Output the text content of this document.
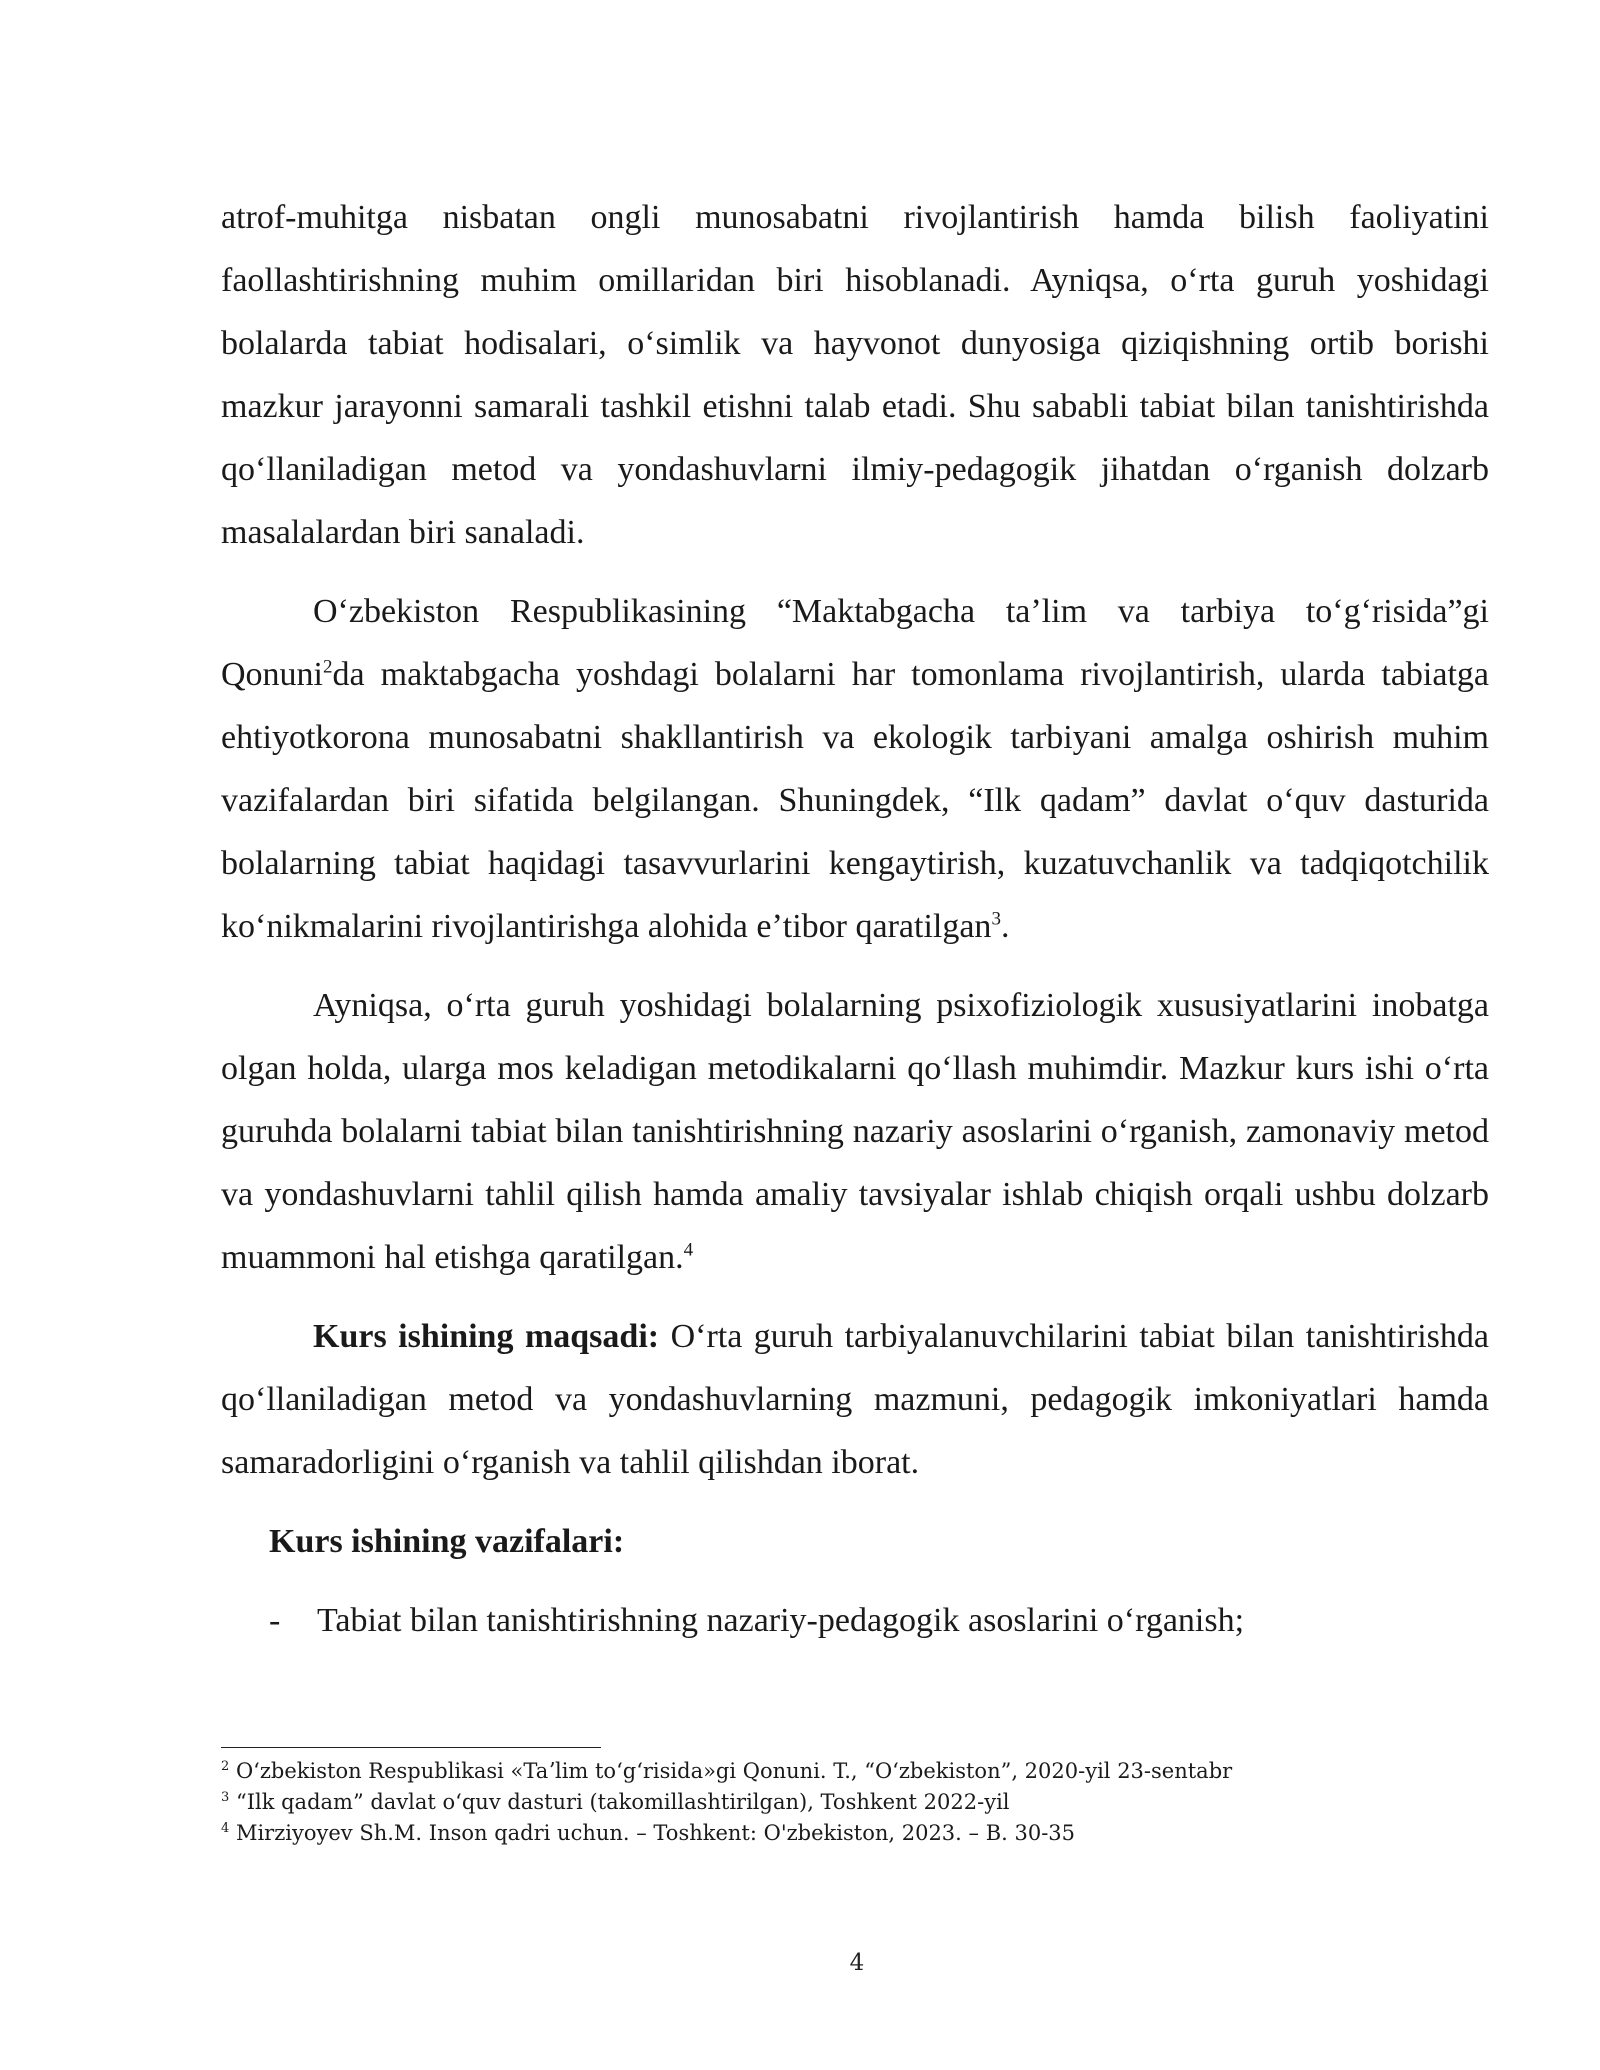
atrof-muhitga nisbatan ongli munosabatni rivojlantirish hamda bilish faoliyatini faollashtirishning muhim omillaridan biri hisoblanadi. Ayniqsa, oʻrta guruh yoshidagi bolalarda tabiat hodisalari, oʻsimlik va hayvonot dunyosiga qiziqishning ortib borishi mazkur jarayonni samarali tashkil etishni talab etadi. Shu sababli tabiat bilan tanishtirishda qoʻllaniladigan metod va yondashuvlarni ilmiy-pedagogik jihatdan oʻrganish dolzarb masalalardan biri sanaladi.

Oʻzbekiston Respublikasining “Maktabgacha taʼlim va tarbiya toʻgʻrisida”gi Qonuni$^2$da maktabgacha yoshdagi bolalarni har tomonlama rivojlantirish, ularda tabiatga ehtiyotkorona munosabatni shakllantirish va ekologik tarbiyani amalga oshirish muhim vazifalardan biri sifatida belgilangan. Shuningdek, “Ilk qadam” davlat oʻquv dasturida bolalarning tabiat haqidagi tasavvurlarini kengaytirish, kuzatuvchanlik va tadqiqotchilik koʻnikmalarini rivojlantirishga alohida eʼtibor qaratilgan$^3$.

Ayniqsa, oʻrta guruh yoshidagi bolalarning psixofiziologik xususiyatlarini inobatga olgan holda, ularga mos keladigan metodikalarni qoʻllash muhimdir. Mazkur kurs ishi oʻrta guruhda bolalarni tabiat bilan tanishtirishning nazariy asoslarini oʻrganish, zamonaviy metod va yondashuvlarni tahlil qilish hamda amaliy tavsiyalar ishlab chiqish orqali ushbu dolzarb muammoni hal etishga qaratilgan.$^4$

Kurs ishining maqsadi: Oʻrta guruh tarbiyalanuvchilarini tabiat bilan tanishtirishda qoʻllaniladigan metod va yondashuvlarning mazmuni, pedagogik imkoniyatlari hamda samaradorligini oʻrganish va tahlil qilishdan iborat.

Kurs ishining vazifalari:
-	Tabiat bilan tanishtirishning nazariy-pedagogik asoslarini oʻrganish;

$^2$ Oʻzbekiston Respublikasi «Taʼlim toʻgʻrisida»gi Qonuni. T., “Oʻzbekiston”, 2020-yil 23-sentabr

$^3$ “Ilk qadam” davlat oʻquv dasturi (takomillashtirilgan), Toshkent 2022-yil

$^4$ Mirziyoyev Sh.M. Inson qadri uchun. – Toshkent: O'zbekiston, 2023. – B. 30-35

4
